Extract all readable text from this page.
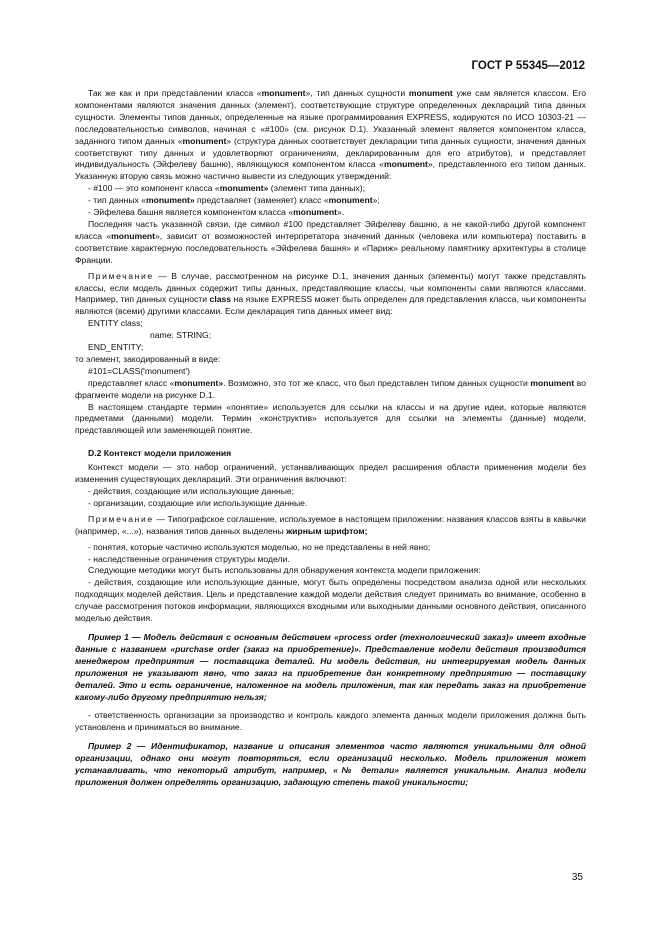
ГОСТ Р 55345—2012

Так же как и при представлении класса «monument», тип данных сущности monument уже сам является классом. Его компонентами являются значения данных (элемент), соответствующие структуре определенных деклараций типа данных сущности. Элементы типов данных, определенные на языке программирования EXPRESS, кодируются по ИСО 10303-21 — последовательностью символов, начиная с «#100» (см. рисунок D.1). Указанный элемент является компонентом класса, заданного типом данных «monument» (структура данных соответствует декларации типа данных сущности, значения данных соответствуют типу данных и удовлетворяют ограничениям, декларированным для его атрибутов), и представляет индивидуальность (Эйфелеву башню), являющуюся компонентом класса «monument», представленного его типом данных. Указанную вторую связь можно частично вывести из следующих утверждений:

- #100 — это компонент класса «monument» (элемент типа данных);

- тип данных «monument» представляет (заменяет) класс «monument»;

- Эйфелева башня является компонентом класса «monument».

Последняя часть указанной связи, где символ #100 представляет Эйфелеву башню, а не какой-либо другой компонент класса «monument», зависит от возможностей интерпретатора значений данных (человека или компьютера) поставить в соответствие характерную последовательность «Эйфелева башня» и «Париж» реальному памятнику архитектуры в столице Франции.

Примечание — В случае, рассмотренном на рисунке D.1, значения данных (элементы) могут также представлять классы, если модель данных содержит типы данных, представляющие классы, чьи компоненты сами являются классами. Например, тип данных сущности class на языке EXPRESS может быть определен для представления класса, чьи компоненты являются (всеми) другими классами. Если декларация типа данных имеет вид:

ENTITY class;

name: STRING;

END_ENTITY;

то элемент, закодированный в виде:

#101=CLASS('monument')

представляет класс «monument». Возможно, это тот же класс, что был представлен типом данных сущности monument во фрагменте модели на рисунке D.1.

В настоящем стандарте термин «понятие» используется для ссылки на классы и на другие идеи, которые являются предметами (данными) модели. Термин «конструктив» используется для ссылки на элементы (данные) модели, представляющей или заменяющей понятие.

D.2 Контекст модели приложения

Контекст модели — это набор ограничений, устанавливающих предел расширения области применения модели без изменения существующих деклараций. Эти ограничения включают:

- действия, создающие или использующие данные;

- организации, создающие или использующие данные.

Примечание — Типографское соглашение, используемое в настоящем приложении: названия классов взяты в кавычки (например, «...»), названия типов данных выделены жирным шрифтом;

- понятия, которые частично используются моделью, но не представлены в ней явно;

- наследственные ограничения структуры модели.

Следующие методики могут быть использованы для обнаружения контекста модели приложения:

- действия, создающие или использующие данные, могут быть определены посредством анализа одной или нескольких подходящих моделей действия. Цель и представление каждой модели действия следует принимать во внимание, особенно в случае рассмотрения потоков информации, являющихся входными или выходными данными основного действия, описанного моделью действия.

Пример 1 — Модель действия с основным действием «process order (технологический заказ)» имеет входные данные с названием «purchase order (заказ на приобретение)». Представление модели действия производится менеджером предприятия — поставщика деталей. Ни модель действия, ни интегрируемая модель данных приложения не указывают явно, что заказ на приобретение дан конкретному предприятию — поставщику деталей. Это и есть ограничение, наложенное на модель приложения, так как передать заказ на приобретение какому-либо другому предприятию нельзя;

- ответственность организации за производство и контроль каждого элемента данных модели приложения должна быть установлена и приниматься во внимание.

Пример 2 — Идентификатор, название и описания элементов часто являются уникальными для одной организации, однако они могут повторяться, если организаций несколько. Модель приложения может устанавливать, что некоторый атрибут, например, «№ детали» является уникальным. Анализ модели приложения должен определять организацию, задающую степень такой уникальности;

35
